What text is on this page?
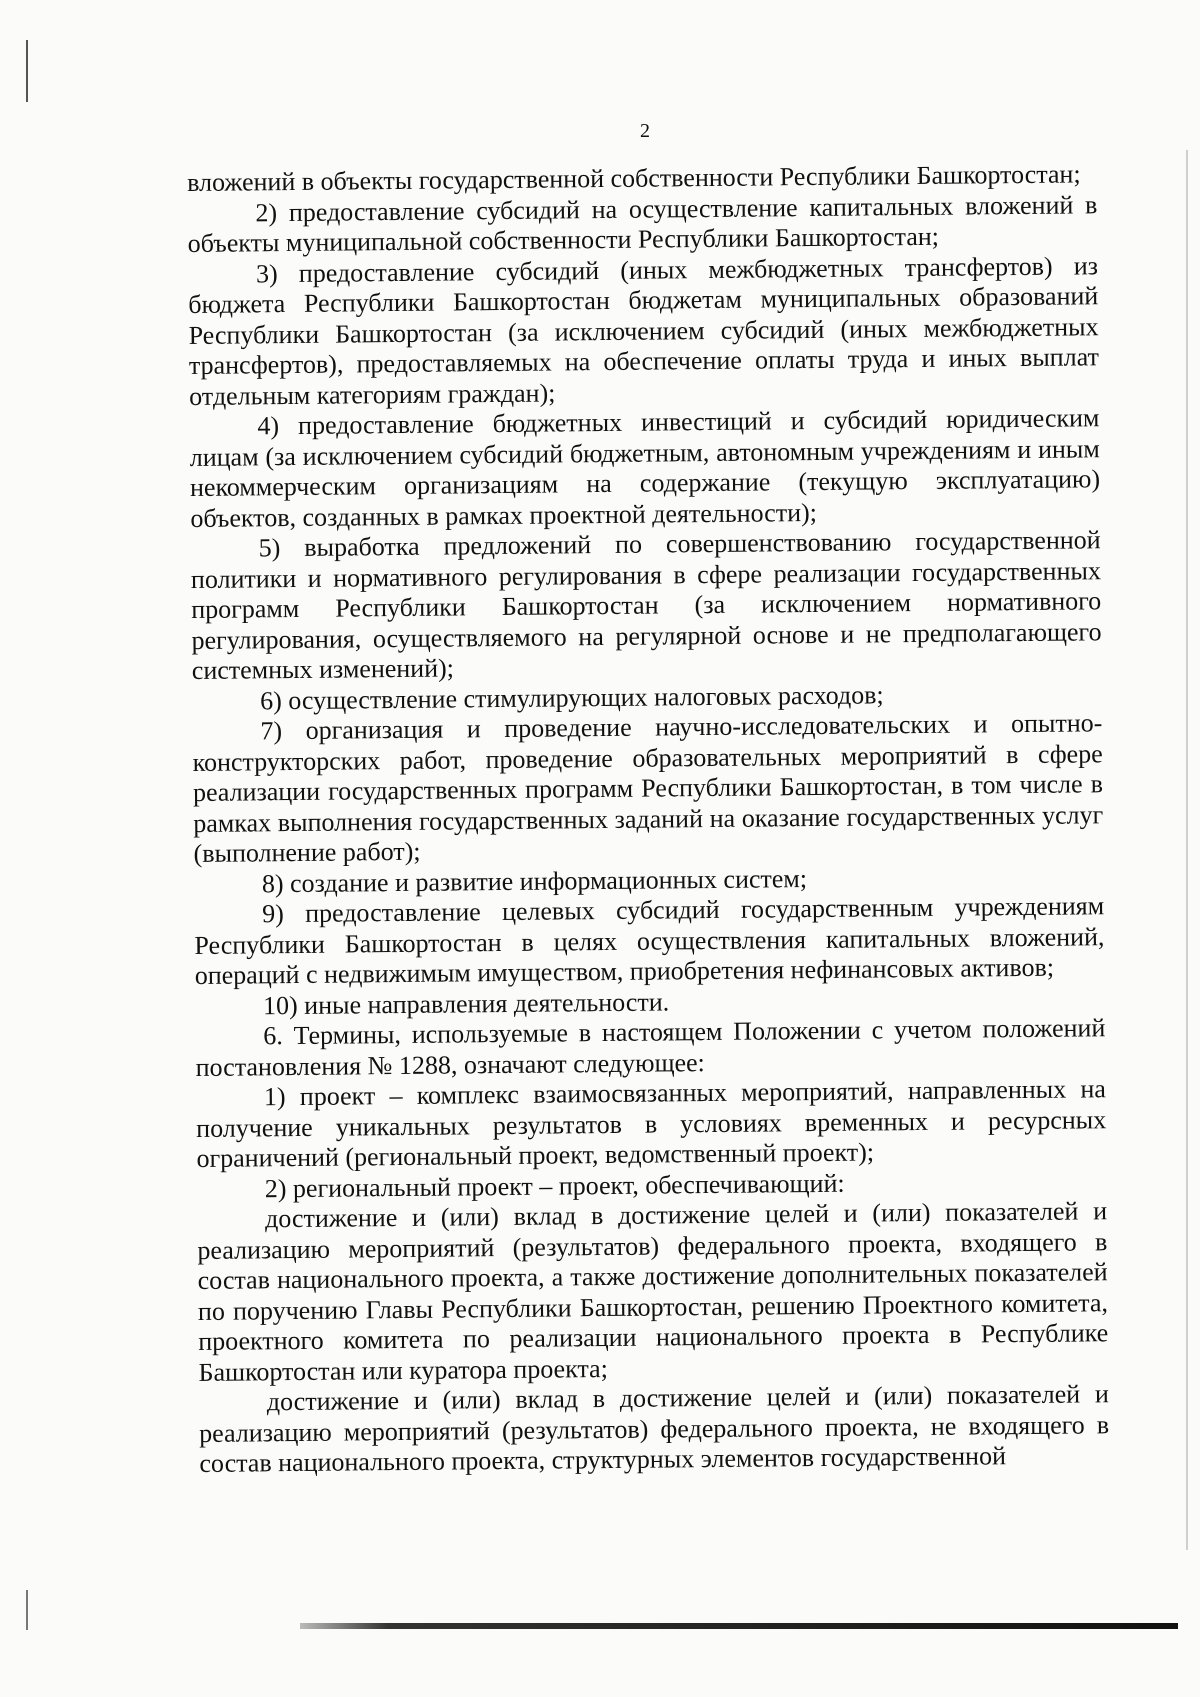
2

вложений в объекты государственной собственности Республики Башкортостан;

2) предоставление субсидий на осуществление капитальных вложений в объекты муниципальной собственности Республики Башкортостан;

3) предоставление субсидий (иных межбюджетных трансфертов) из бюджета Республики Башкортостан бюджетам муниципальных образований Республики Башкортостан (за исключением субсидий (иных межбюджетных трансфертов), предоставляемых на обеспечение оплаты труда и иных выплат отдельным категориям граждан);

4) предоставление бюджетных инвестиций и субсидий юридическим лицам (за исключением субсидий бюджетным, автономным учреждениям и иным некоммерческим организациям на содержание (текущую эксплуатацию) объектов, созданных в рамках проектной деятельности);

5) выработка предложений по совершенствованию государственной политики и нормативного регулирования в сфере реализации государственных программ Республики Башкортостан (за исключением нормативного регулирования, осуществляемого на регулярной основе и не предполагающего системных изменений);

6) осуществление стимулирующих налоговых расходов;

7) организация и проведение научно-исследовательских и опытно-конструкторских работ, проведение образовательных мероприятий в сфере реализации государственных программ Республики Башкортостан, в том числе в рамках выполнения государственных заданий на оказание государственных услуг (выполнение работ);

8) создание и развитие информационных систем;

9) предоставление целевых субсидий государственным учреждениям Республики Башкортостан в целях осуществления капитальных вложений, операций с недвижимым имуществом, приобретения нефинансовых активов;

10) иные направления деятельности.

6. Термины, используемые в настоящем Положении с учетом положений постановления № 1288, означают следующее:

1) проект – комплекс взаимосвязанных мероприятий, направленных на получение уникальных результатов в условиях временных и ресурсных ограничений (региональный проект, ведомственный проект);

2) региональный проект – проект, обеспечивающий:

достижение и (или) вклад в достижение целей и (или) показателей и реализацию мероприятий (результатов) федерального проекта, входящего в состав национального проекта, а также достижение дополнительных показателей по поручению Главы Республики Башкортостан, решению Проектного комитета, проектного комитета по реализации национального проекта в Республике Башкортостан или куратора проекта;

достижение и (или) вклад в достижение целей и (или) показателей и реализацию мероприятий (результатов) федерального проекта, не входящего в состав национального проекта, структурных элементов государственной
